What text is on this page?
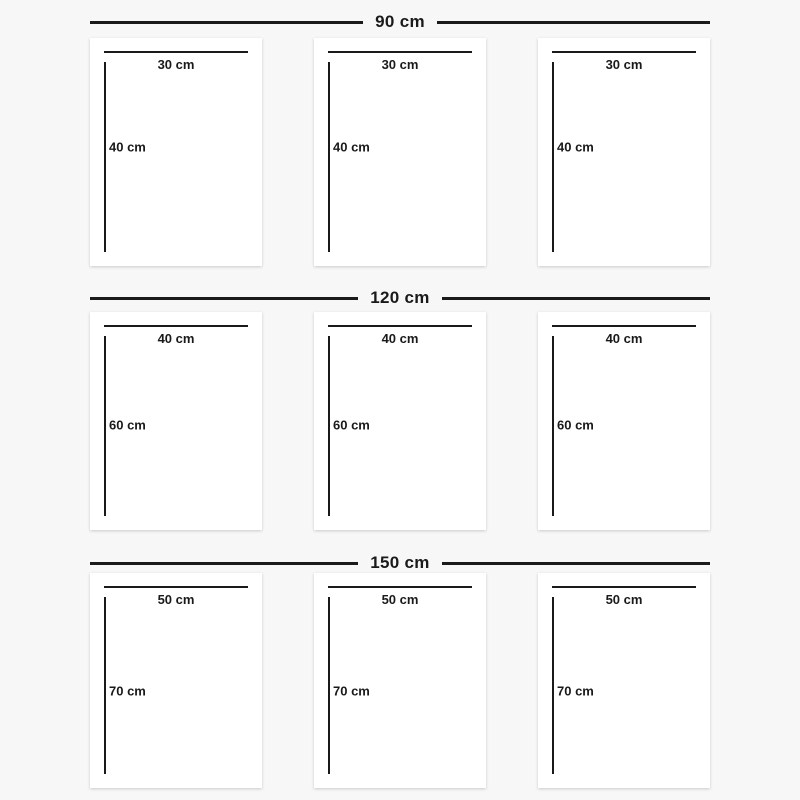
90 cm
30 cm
40 cm
30 cm
40 cm
30 cm
40 cm
120 cm
40 cm
60 cm
40 cm
60 cm
40 cm
60 cm
150 cm
50 cm
70 cm
50 cm
70 cm
50 cm
70 cm
